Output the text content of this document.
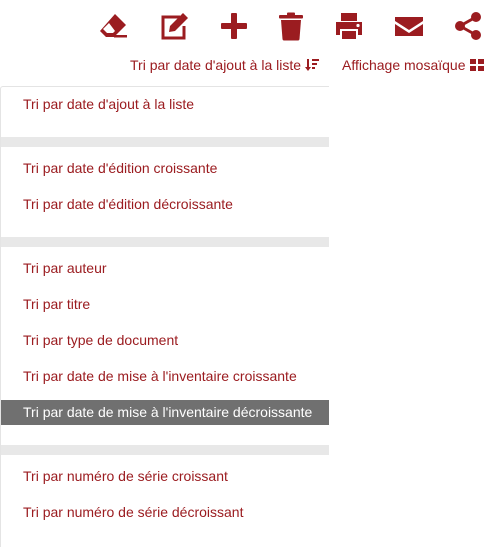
Tri par date d'ajout à la liste	Affichage mosaïque
Tri par date d'ajout à la liste
Tri par date d'édition croissante
Tri par date d'édition décroissante
Tri par auteur
Tri par titre
Tri par type de document
Tri par date de mise à l'inventaire croissante
Tri par date de mise à l'inventaire décroissante
Tri par numéro de série croissant
Tri par numéro de série décroissant
